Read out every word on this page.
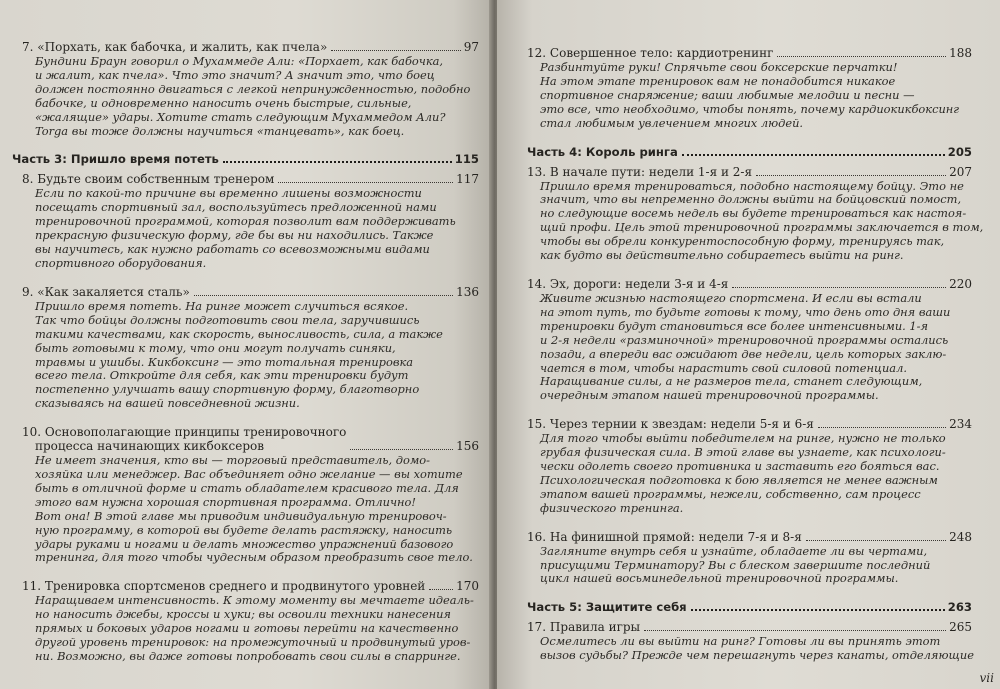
7. «Порхать, как бабочка, и жалить, как пчела»	97
Бундини Браун говорил о Мухаммеде Али: «Порхает, как бабочка,
и жалит, как пчела». Что это значит? А значит это, что боец
должен постоянно двигаться с легкой непринужденностью, подобно
бабочке, и одновременно наносить очень быстрые, сильные,
«жалящие» удары. Хотите стать следующим Мухаммедом Али?
Torga вы тоже должны научиться «танцевать», как боец.
Часть 3: Пришло время потеть	115
8. Будьте своим собственным тренером	117
Если по какой-то причине вы временно лишены возможности
посещать спортивный зал, воспользуйтесь предложенной нами
тренировочной программой, которая позволит вам поддерживать
прекрасную физическую форму, где бы вы ни находились. Также
вы научитесь, как нужно работать со всевозможными видами
спортивного оборудования.
9. «Как закаляется сталь»	136
Пришло время потеть. На ринге может случиться всякое.
Так что бойцы должны подготовить свои тела, заручившись
такими качествами, как скорость, выносливость, сила, а также
быть готовыми к тому, что они могут получать синяки,
травмы и ушибы. Кикбоксинг — это тотальная тренировка
всего тела. Откройте для себя, как эти тренировки будут
постепенно улучшать вашу спортивную форму, благотворно
сказываясь на вашей повседневной жизни.
10. Основополагающие принципы тренировочного
процесса начинающих кикбоксеров	156
Не имеет значения, кто вы — торговый представитель, домо-
хозяйка или менеджер. Вас объединяет одно желание — вы хотите
быть в отличной форме и стать обладателем красивого тела. Для
этого вам нужна хорошая спортивная программа. Отлично!
Вот она! В этой главе мы приводим индивидуальную тренировоч-
ную программу, в которой вы будете делать растяжку, наносить
удары руками и ногами и делать множество упражнений базового
тренинга, для того чтобы чудесным образом преобразить свое тело.
11. Тренировка спортсменов среднего и продвинутого уровней	170
Наращиваем интенсивность. К этому моменту вы мечтаете идеаль-
но наносить джебы, кроссы и хуки; вы освоили техники нанесения
прямых и боковых ударов ногами и готовы перейти на качественно
другой уровень тренировок: на промежуточный и продвинутый уров-
ни. Возможно, вы даже готовы попробовать свои силы в спарринге.
12. Совершенное тело: кардиотренинг	188
Разбинтуйте руки! Спрячьте свои боксерские перчатки!
На этом этапе тренировок вам не понадобится никакое
спортивное снаряжение; ваши любимые мелодии и песни —
это все, что необходимо, чтобы понять, почему кардиокикбоксинг
стал любимым увлечением многих людей.
Часть 4: Король ринга	205
13. В начале пути: недели 1-я и 2-я	207
Пришло время тренироваться, подобно настоящему бойцу. Это не
значит, что вы непременно должны выйти на бойцовский помост,
но следующие восемь недель вы будете тренироваться как настоя-
щий профи. Цель этой тренировочной программы заключается в том,
чтобы вы обрели конкурентоспособную форму, тренируясь так,
как будто вы действительно собираетесь выйти на ринг.
14. Эх, дороги: недели 3-я и 4-я	220
Живите жизнью настоящего спортсмена. И если вы встали
на этот путь, то будьте готовы к тому, что день ото дня ваши
тренировки будут становиться все более интенсивными. 1-я
и 2-я недели «разминочной» тренировочной программы остались
позади, а впереди вас ожидают две недели, цель которых заклю-
чается в том, чтобы нарастить свой силовой потенциал.
Наращивание силы, а не размеров тела, станет следующим,
очередным этапом нашей тренировочной программы.
15. Через тернии к звездам: недели 5-я и 6-я	234
Для того чтобы выйти победителем на ринге, нужно не только
грубая физическая сила. В этой главе вы узнаете, как психологи-
чески одолеть своего противника и заставить его бояться вас.
Психологическая подготовка к бою является не менее важным
этапом вашей программы, нежели, собственно, сам процесс
физического тренинга.
16. На финишной прямой: недели 7-я и 8-я	248
Загляните внутрь себя и узнайте, обладаете ли вы чертами,
присущими Терминатору? Вы с блеском завершите последний
цикл нашей восьминедельной тренировочной программы.
Часть 5: Защитите себя	263
17. Правила игры	265
Осмелитесь ли вы выйти на ринг? Готовы ли вы принять этот
вызов судьбы? Прежде чем перешагнуть через канаты, отделяющие
vii
